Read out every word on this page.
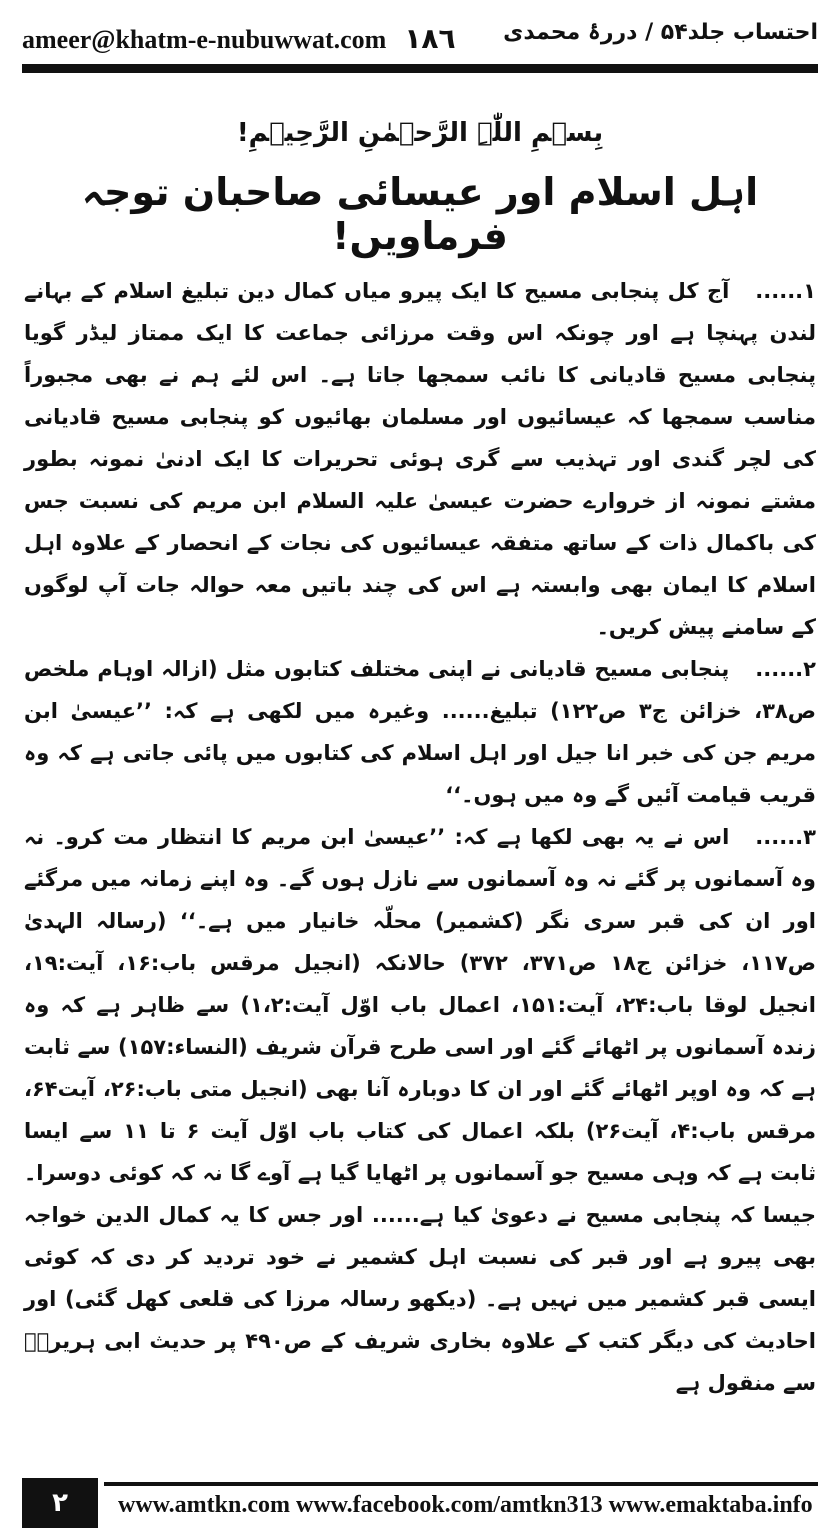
ameer@khatm-e-nubuwwat.com ١٨٦ احتساب جلد۵۴ / دررۂ محمدی
بِسۡمِ اللّٰہِ الرَّحۡمٰنِ الرَّحِیۡمِ!
اہل اسلام اور عیسائی صاحبان توجہ فرماویں!

١......آج کل پنجابی مسیح کا ایک پیرو میاں کمال دین تبلیغ اسلام کے بہانے لندن پہنچا ہے اور چونکہ اس وقت مرزائی جماعت کا ایک ممتاز لیڈر گویا پنجابی مسیح قادیانی کا نائب سمجھا جاتا ہے۔ اس لئے ہم نے بھی مجبوراً مناسب سمجھا کہ عیسائیوں اور مسلمان بھائیوں کو پنجابی مسیح قادیانی کی لچر گندی اور تہذیب سے گری ہوئی تحریرات کا ایک ادنیٰ نمونہ بطور مشتے نمونہ از خروارے حضرت عیسیٰ علیہ السلام ابن مریم کی نسبت جس کی باکمال ذات کے ساتھ متفقہ عیسائیوں کی نجات کے انحصار کے علاوہ اہل اسلام کا ایمان بھی وابستہ ہے اس کی چند باتیں معہ حوالہ جات آپ لوگوں کے سامنے پیش کریں۔

٢......پنجابی مسیح قادیانی نے اپنی مختلف کتابوں مثل (ازالہ اوہام ملخص ص۳۸، خزائن ج۳ ص۱۲۲) تبلیغ...... وغیرہ میں لکھی ہے کہ: ’’عیسیٰ ابن مریم جن کی خبر انا جیل اور اہل اسلام کی کتابوں میں پائی جاتی ہے کہ وہ قریب قیامت آئیں گے وہ میں ہوں۔‘‘

٣......اس نے یہ بھی لکھا ہے کہ: ’’عیسیٰ ابن مریم کا انتظار مت کرو۔ نہ وہ آسمانوں پر گئے نہ وہ آسمانوں سے نازل ہوں گے۔ وہ اپنے زمانہ میں مرگئے اور ان کی قبر سری نگر (کشمیر) محلّہ خانیار میں ہے۔‘‘ (رسالہ الہدیٰ ص۱۱۷، خزائن ج۱۸ ص۳۷۱، ۳۷۲) حالانکہ (انجیل مرقس باب:۱۶، آیت:۱۹، انجیل لوقا باب:۲۴، آیت:۱۵۱، اعمال باب اوّل آیت:۱،۲) سے ظاہر ہے کہ وہ زندہ آسمانوں پر اٹھائے گئے اور اسی طرح قرآن شریف (النساء:۱۵۷) سے ثابت ہے کہ وہ اوپر اٹھائے گئے اور ان کا دوبارہ آنا بھی (انجیل متی باب:۲۶، آیت۶۴، مرقس باب:۴، آیت۲۶) بلکہ اعمال کی کتاب باب اوّل آیت ۶ تا ۱۱ سے ایسا ثابت ہے کہ وہی مسیح جو آسمانوں پر اٹھایا گیا ہے آوے گا نہ کہ کوئی دوسرا۔ جیسا کہ پنجابی مسیح نے دعویٰ کیا ہے...... اور جس کا یہ کمال الدین خواجہ بھی پیرو ہے اور قبر کی نسبت اہل کشمیر نے خود تردید کر دی کہ کوئی ایسی قبر کشمیر میں نہیں ہے۔ (دیکھو رسالہ مرزا کی قلعی کھل گئی) اور احادیث کی دیگر کتب کے علاوہ بخاری شریف کے ص۴۹۰ پر حدیث ابی ہریرہؓ سے منقول ہے

٢	www.amtkn.com www.facebook.com/amtkn313 www.emaktaba.info
